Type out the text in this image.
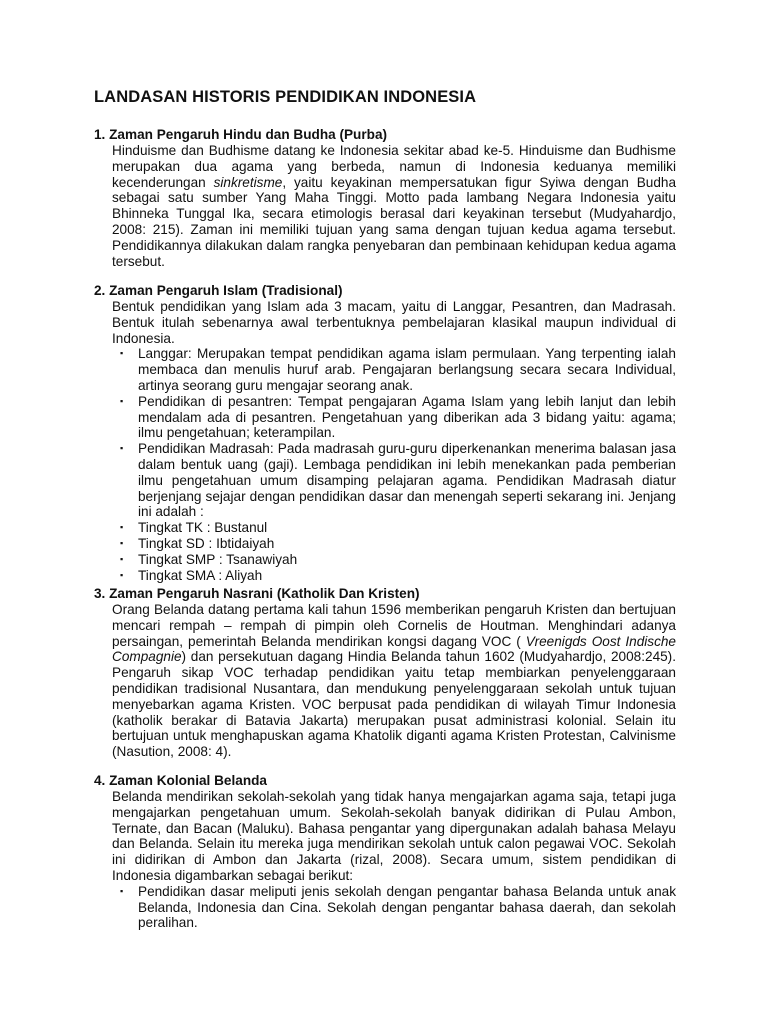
LANDASAN HISTORIS PENDIDIKAN INDONESIA

1. Zaman Pengaruh Hindu dan Budha (Purba)

Hinduisme dan Budhisme datang ke Indonesia sekitar abad ke-5. Hinduisme dan Budhisme merupakan dua agama yang berbeda, namun di Indonesia keduanya memiliki kecenderungan sinkretisme, yaitu keyakinan mempersatukan figur Syiwa dengan Budha sebagai satu sumber Yang Maha Tinggi. Motto pada lambang Negara Indonesia yaitu Bhinneka Tunggal Ika, secara etimologis berasal dari keyakinan tersebut (Mudyahardjo, 2008: 215). Zaman ini memiliki tujuan yang sama dengan tujuan kedua agama tersebut. Pendidikannya dilakukan dalam rangka penyebaran dan pembinaan kehidupan kedua agama tersebut.

2. Zaman Pengaruh Islam (Tradisional)

Bentuk pendidikan yang Islam ada 3 macam, yaitu di Langgar, Pesantren, dan Madrasah. Bentuk itulah sebenarnya awal terbentuknya pembelajaran klasikal maupun individual di Indonesia.

▪ Langgar: Merupakan tempat pendidikan agama islam permulaan. Yang terpenting ialah membaca dan menulis huruf arab. Pengajaran berlangsung secara secara Individual, artinya seorang guru mengajar seorang anak.
▪ Pendidikan di pesantren: Tempat pengajaran Agama Islam yang lebih lanjut dan lebih mendalam ada di pesantren. Pengetahuan yang diberikan ada 3 bidang yaitu: agama; ilmu pengetahuan; keterampilan.
▪ Pendidikan Madrasah: Pada madrasah guru-guru diperkenankan menerima balasan jasa dalam bentuk uang (gaji). Lembaga pendidikan ini lebih menekankan pada pemberian ilmu pengetahuan umum disamping pelajaran agama. Pendidikan Madrasah diatur berjenjang sejajar dengan pendidikan dasar dan menengah seperti sekarang ini. Jenjang ini adalah :
▪ Tingkat TK : Bustanul
▪ Tingkat SD : Ibtidaiyah
▪ Tingkat SMP : Tsanawiyah
▪ Tingkat SMA : Aliyah

3. Zaman Pengaruh Nasrani (Katholik Dan Kristen)

Orang Belanda datang pertama kali tahun 1596 memberikan pengaruh Kristen dan bertujuan mencari rempah – rempah di pimpin oleh Cornelis de Houtman. Menghindari adanya persaingan, pemerintah Belanda mendirikan kongsi dagang VOC ( Vreenigds Oost Indische Compagnie) dan persekutuan dagang Hindia Belanda tahun 1602 (Mudyahardjo, 2008:245). Pengaruh sikap VOC terhadap pendidikan yaitu tetap membiarkan penyelenggaraan pendidikan tradisional Nusantara, dan mendukung penyelenggaraan sekolah untuk tujuan menyebarkan agama Kristen. VOC berpusat pada pendidikan di wilayah Timur Indonesia (katholik berakar di Batavia Jakarta) merupakan pusat administrasi kolonial. Selain itu bertujuan untuk menghapuskan agama Khatolik diganti agama Kristen Protestan, Calvinisme (Nasution, 2008: 4).

4. Zaman Kolonial Belanda

Belanda mendirikan sekolah-sekolah yang tidak hanya mengajarkan agama saja, tetapi juga mengajarkan pengetahuan umum. Sekolah-sekolah banyak didirikan di Pulau Ambon, Ternate, dan Bacan (Maluku). Bahasa pengantar yang dipergunakan adalah bahasa Melayu dan Belanda. Selain itu mereka juga mendirikan sekolah untuk calon pegawai VOC. Sekolah ini didirikan di Ambon dan Jakarta (rizal, 2008). Secara umum, sistem pendidikan di Indonesia digambarkan sebagai berikut:

▪ Pendidikan dasar meliputi jenis sekolah dengan pengantar bahasa Belanda untuk anak Belanda, Indonesia dan Cina. Sekolah dengan pengantar bahasa daerah, dan sekolah peralihan.
